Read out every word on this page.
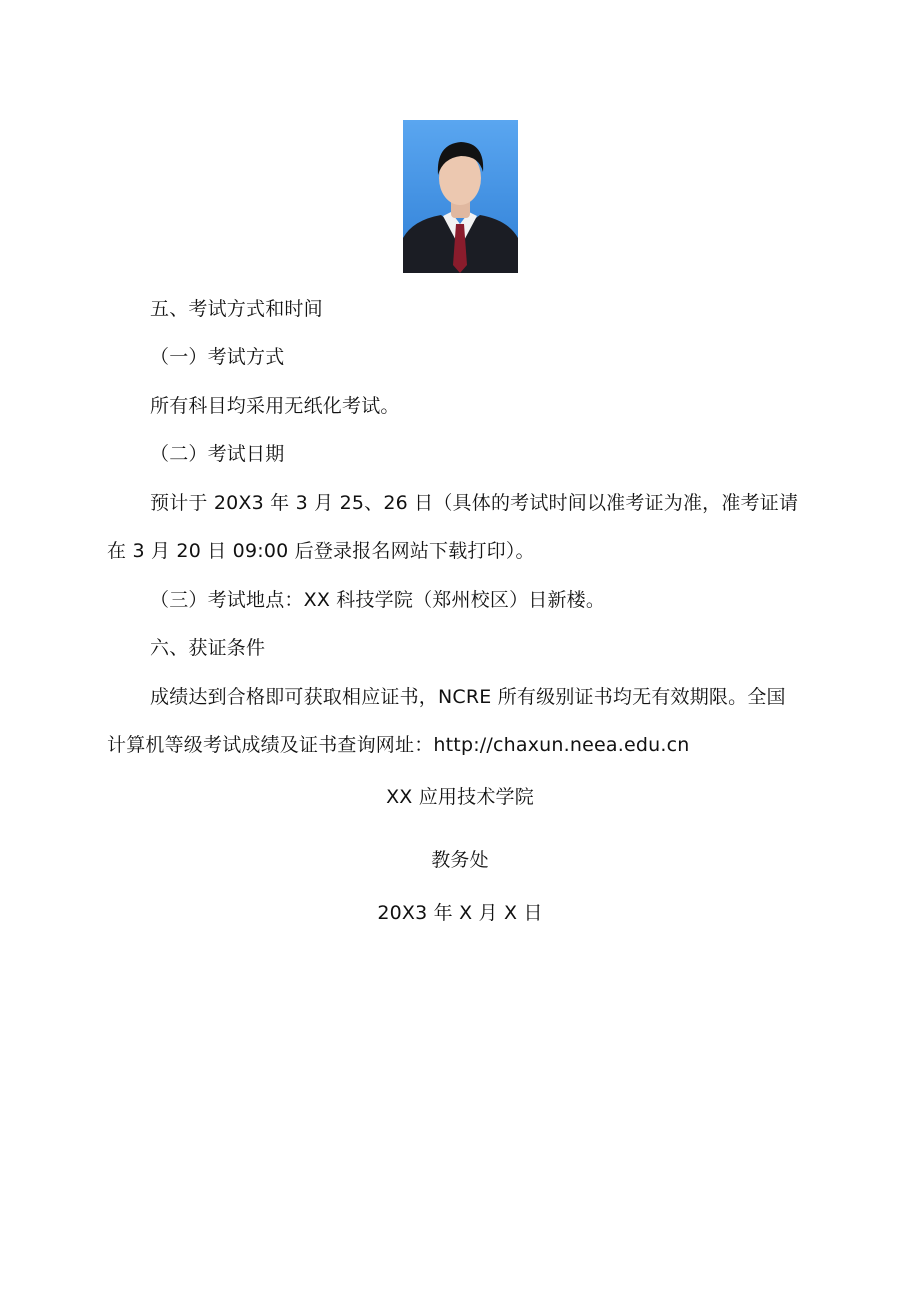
五、考试方式和时间
（一）考试方式
所有科目均采用无纸化考试。
（二）考试日期
预计于 20X3 年 3 月 25、26 日（具体的考试时间以准考证为准，准考证请
在 3 月 20 日 09:00 后登录报名网站下载打印）。
（三）考试地点：XX 科技学院（郑州校区）日新楼。
六、获证条件
成绩达到合格即可获取相应证书，NCRE 所有级别证书均无有效期限。全国
计算机等级考试成绩及证书查询网址：http://chaxun.neea.edu.cn
XX 应用技术学院
教务处
20X3 年 X 月 X 日
